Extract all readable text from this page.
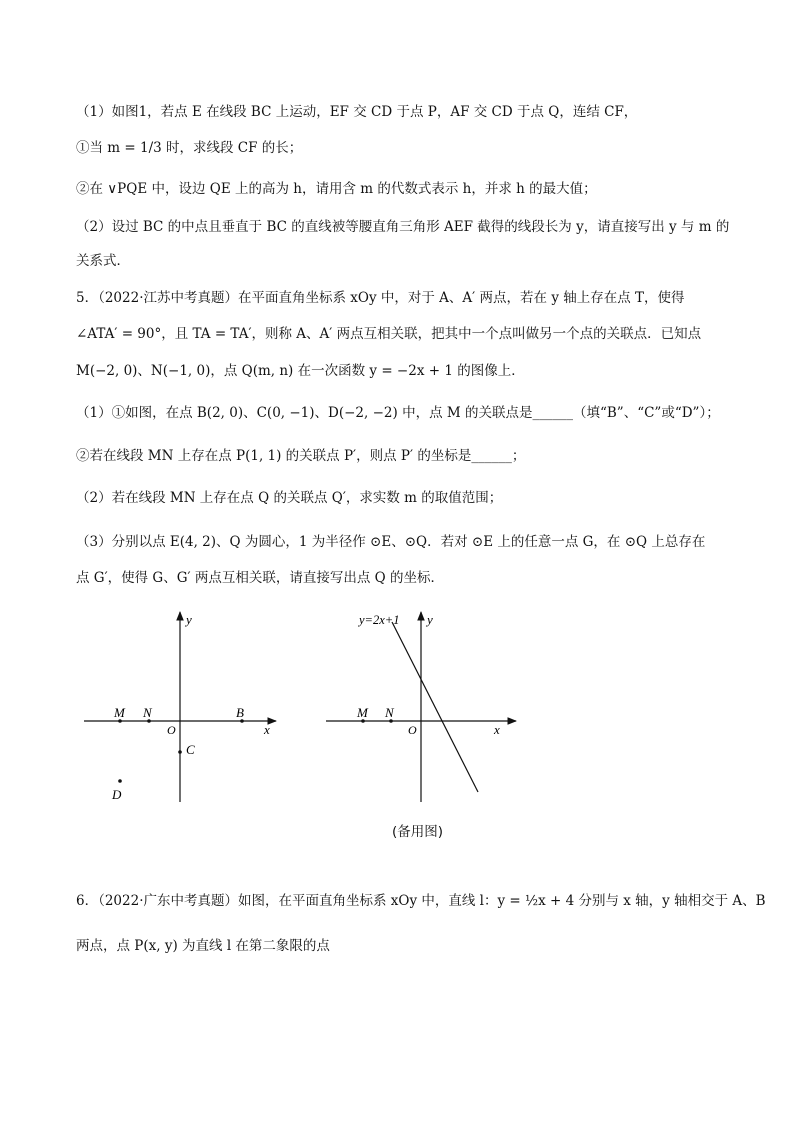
（1）如图1，若点 E 在线段 BC 上运动，EF 交 CD 于点 P，AF 交 CD 于点 Q，连结 CF，
①当 m = 1/3 时，求线段 CF 的长；
②在 ∨PQE 中，设边 QE 上的高为 h，请用含 m 的代数式表示 h，并求 h 的最大值；
（2）设过 BC 的中点且垂直于 BC 的直线被等腰直角三角形 AEF 截得的线段长为 y，请直接写出 y 与 m 的
关系式．
5．（2022·江苏中考真题）在平面直角坐标系 xOy 中，对于 A、A′ 两点，若在 y 轴上存在点 T，使得
∠ATA′ = 90°，且 TA = TA′，则称 A、A′ 两点互相关联，把其中一个点叫做另一个点的关联点．已知点
M(−2, 0)、N(−1, 0)，点 Q(m, n) 在一次函数 y = −2x + 1 的图像上．
（1）①如图，在点 B(2, 0)、C(0, −1)、D(−2, −2) 中，点 M 的关联点是______（填“B”、“C”或“D”）；
②若在线段 MN 上存在点 P(1, 1) 的关联点 P′，则点 P′ 的坐标是______；
（2）若在线段 MN 上存在点 Q 的关联点 Q′，求实数 m 的取值范围；
（3）分别以点 E(4, 2)、Q 为圆心，1 为半径作 ⊙E、⊙Q．若对 ⊙E 上的任意一点 G，在 ⊙Q 上总存在
点 G′，使得 G、G′ 两点互相关联，请直接写出点 Q 的坐标．
6．（2022·广东中考真题）如图，在平面直角坐标系 xOy 中，直线 l：y = ½x + 4 分别与 x 轴，y 轴相交于 A、B
两点，点 P(x, y) 为直线 l 在第二象限的点
x
y
O
M N	B
C
D
x
y
O
M N
y=2x+1
(备用图)
